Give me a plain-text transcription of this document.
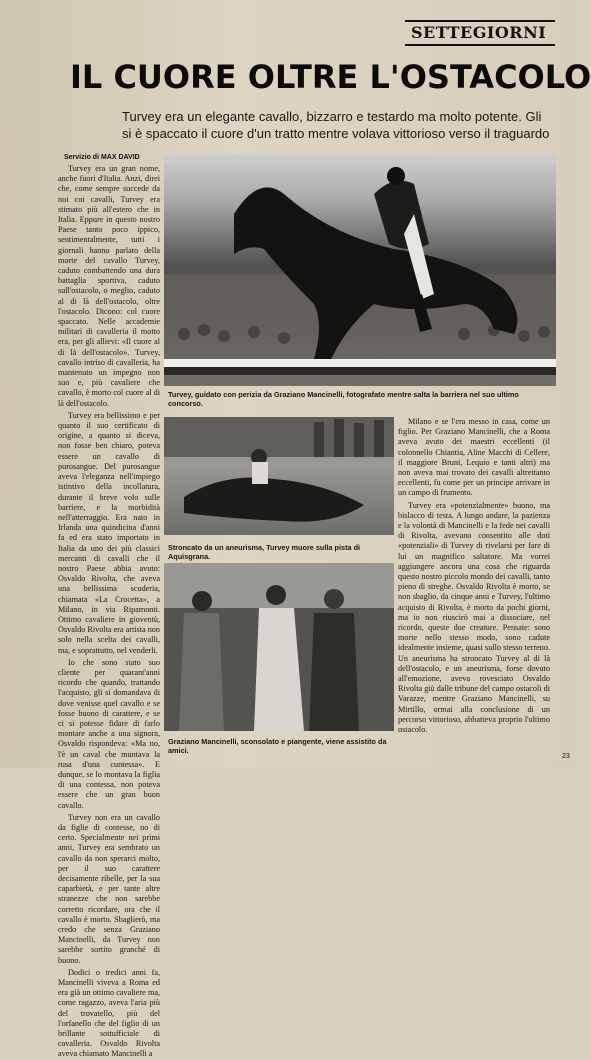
SETTEGIORNI
IL CUORE OLTRE L'OSTACOLO
Turvey era un elegante cavallo, bizzarro e testardo ma molto potente. Gli si è spaccato il cuore d'un tratto mentre volava vittorioso verso il traguardo
Servizio di MAX DAVID

Turvey era un gran nome, anche fuori d'Italia. Anzi, direi che, come sempre succede da noi coi cavalli, Turvey era stimato più all'estero che in Italia. Eppure in questo nostro Paese tanto poco ippico, sentimentalmente, tutti i giornali hanno parlato della morte del cavallo Turvey, caduto combattendo una dura battaglia sportiva, caduto sull'ostacolo, o meglio, caduto al di là dell'ostacolo, oltre l'ostacolo. Dicono: col cuore spaccato. Nelle accademie militari di cavalleria il motto era, per gli allievi: «Il cuore al di là dell'ostacolo». Turvey, cavallo intriso di cavalleria, ha mantenuto un impegno non suo e, più cavaliere che cavallo, è morto col cuore al di là dell'ostacolo.

Turvey era bellissimo e per quanto il suo certificato di origine, a quanto si diceva, non fosse ben chiaro, poteva essere un cavallo di purosangue. Del purosangue aveva l'eleganza nell'impiego istintivo della incollatura, durante il breve volo sulle barriere, e la morbidità nell'atterraggio. Era nato in Irlanda una quindicina d'anni fa ed era stato importato in Italia da uno dei più classici mercanti di cavalli che il nostro Paese abbia avuto: Osvaldo Rivolta, che aveva una bellissima scuderia, chiamata «La Crocetta», a Milano, in via Ripamonti. Ottimo cavaliere in gioventù, Osvaldo Rivolta era artista non solo nella scelta dei cavalli, ma, e soprattutto, nel venderli.

Io che sono stato suo cliente per quarant'anni ricordo che quando, trattando l'acquisto, gli si domandava di dove venisse quel cavallo e se fosse buono di carattere, e se ci si potesse fidare di farlo montare anche a una signora, Osvaldo rispondeva: «Ma no, l'è un caval che muntava la rusa d'una cuntessa». E dunque, se lo montava la figlia di una contessa, non poteva essere che un gran buon cavallo.

Turvey non era un cavallo da figlie di contesse, no di certo. Specialmente nei primi anni, Turvey era sembrato un cavallo da non sperarci molto, per il suo carattere decisamente ribelle, per la sua caparbietà, e per tante altre stranezze che non sarebbe corretto ricordare, ora che il cavallo è morto. Sbaglierò, ma credo che senza Graziano Mancinelli, da Turvey non sarebbe sortito granché di buono.

Dodici o tredici anni fa, Mancinelli viveva a Roma ed era già un ottimo cavaliere ma, come ragazzo, aveva l'aria più del trovatello, più del l'orfanello che del figlio di un brillante sottufficiale di cavalleria. Osvaldo Rivolta aveva chiamato Mancinelli a

Turvey, guidato con perizia da Graziano Mancinelli, fotografato mentre salta la barriera nel suo ultimo concorso.
Stroncato da un aneurisma, Turvey muore sulla pista di Aquisgrana.
Graziano Mancinelli, sconsolato e piangente, viene assistito da amici.

Milano e se l'era messo in casa, come un figlio. Per Graziano Mancinelli, che a Roma aveva avuto dei maestri eccellenti (il colonnello Chiantia, Aline Macchi di Cellere, il maggiore Bruni, Lequio e tanti altri) ma non aveva mai trovato dei cavalli altrettanto eccellenti, fu come per un principe arrivare in un campo di frumento.

Turvey era «potenzialmente» buono, ma bislacco di testa. A lungo andare, la pazienza e la volontà di Mancinelli e la fede nei cavalli di Rivolta, avevano consentito alle doti «potenziali» di Turvey di rivelarsi per fare di lui un magnifico saltatore. Ma vorrei aggiungere ancora una cosa che riguarda questo nostro piccolo mondo dei cavalli, tanto pieno di streghe. Osvaldo Rivolta è morto, se non sbaglio, da cinque anni e Turvey, l'ultimo acquisto di Rivolta, è morto da pochi giorni, ma io non riuscirò mai a dissociare, nel ricordo, queste due creature. Pensate: sono morte nello stesso modo, sono cadute idealmente insieme, quasi sullo stesso terreno. Un aneurisma ha stroncato Turvey al di là dell'ostacolo, e un aneurisma, forse dovuto all'emozione, aveva rovesciato Osvaldo Rivolta giù dalle tribune del campo ostacoli di Varazze, mentre Graziano Mancinelli, su Mirtillo, ormai alla conclusione di un percorso vittorioso, abbatteva proprio l'ultimo ostacolo.

23
